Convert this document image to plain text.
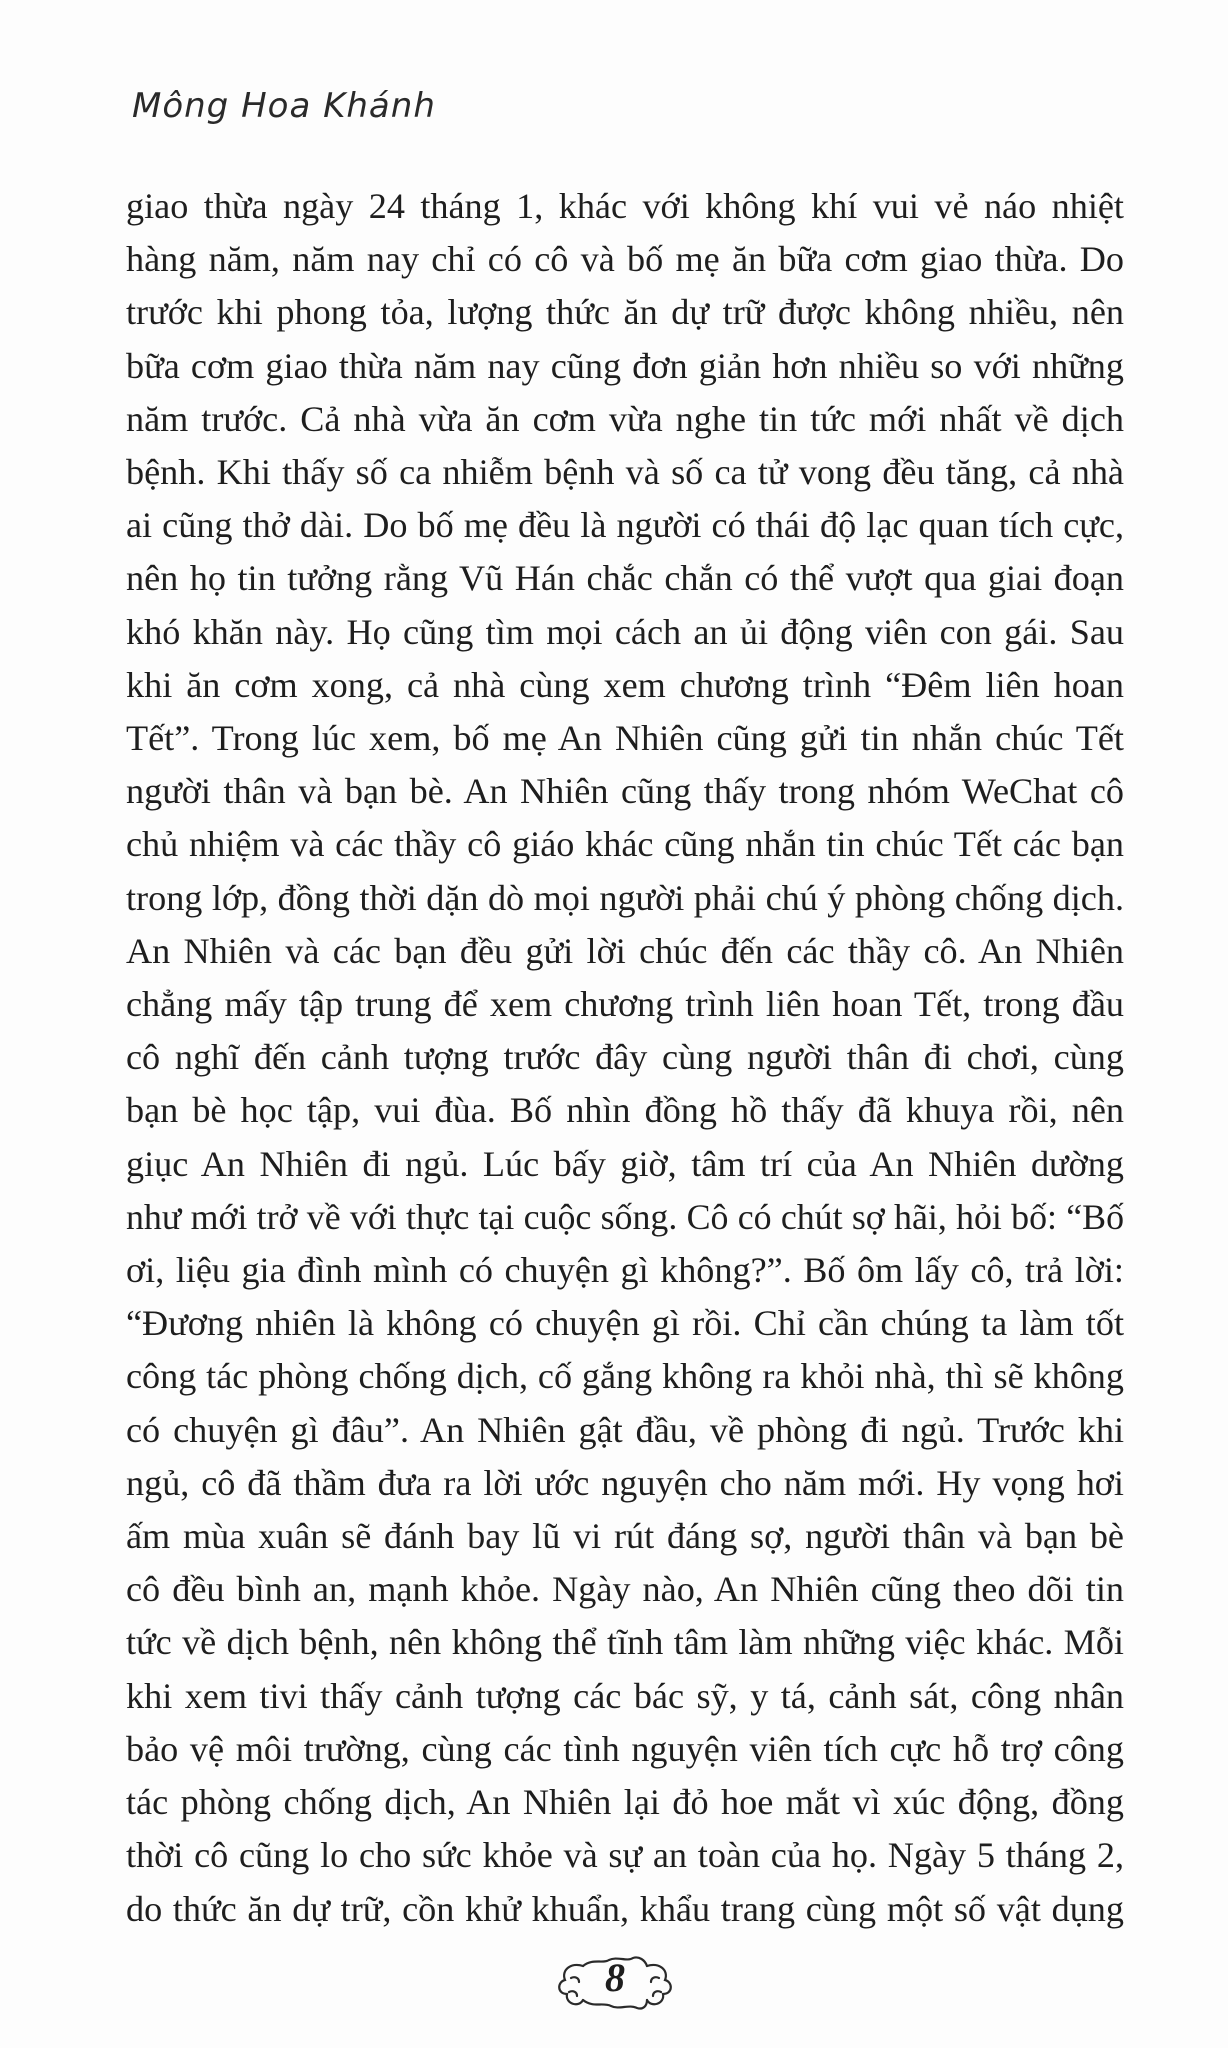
Mông Hoa Khánh
giao thừa ngày 24 tháng 1, khác với không khí vui vẻ náo nhiệt
hàng năm, năm nay chỉ có cô và bố mẹ ăn bữa cơm giao thừa. Do
trước khi phong tỏa, lượng thức ăn dự trữ được không nhiều, nên
bữa cơm giao thừa năm nay cũng đơn giản hơn nhiều so với những
năm trước. Cả nhà vừa ăn cơm vừa nghe tin tức mới nhất về dịch
bệnh. Khi thấy số ca nhiễm bệnh và số ca tử vong đều tăng, cả nhà
ai cũng thở dài. Do bố mẹ đều là người có thái độ lạc quan tích cực,
nên họ tin tưởng rằng Vũ Hán chắc chắn có thể vượt qua giai đoạn
khó khăn này. Họ cũng tìm mọi cách an ủi động viên con gái. Sau
khi ăn cơm xong, cả nhà cùng xem chương trình “Đêm liên hoan
Tết”. Trong lúc xem, bố mẹ An Nhiên cũng gửi tin nhắn chúc Tết
người thân và bạn bè. An Nhiên cũng thấy trong nhóm WeChat cô
chủ nhiệm và các thầy cô giáo khác cũng nhắn tin chúc Tết các bạn
trong lớp, đồng thời dặn dò mọi người phải chú ý phòng chống dịch.
An Nhiên và các bạn đều gửi lời chúc đến các thầy cô. An Nhiên
chẳng mấy tập trung để xem chương trình liên hoan Tết, trong đầu
cô nghĩ đến cảnh tượng trước đây cùng người thân đi chơi, cùng
bạn bè học tập, vui đùa. Bố nhìn đồng hồ thấy đã khuya rồi, nên
giục An Nhiên đi ngủ. Lúc bấy giờ, tâm trí của An Nhiên dường
như mới trở về với thực tại cuộc sống. Cô có chút sợ hãi, hỏi bố: “Bố
ơi, liệu gia đình mình có chuyện gì không?”. Bố ôm lấy cô, trả lời:
“Đương nhiên là không có chuyện gì rồi. Chỉ cần chúng ta làm tốt
công tác phòng chống dịch, cố gắng không ra khỏi nhà, thì sẽ không
có chuyện gì đâu”. An Nhiên gật đầu, về phòng đi ngủ. Trước khi
ngủ, cô đã thầm đưa ra lời ước nguyện cho năm mới. Hy vọng hơi
ấm mùa xuân sẽ đánh bay lũ vi rút đáng sợ, người thân và bạn bè
cô đều bình an, mạnh khỏe. Ngày nào, An Nhiên cũng theo dõi tin
tức về dịch bệnh, nên không thể tĩnh tâm làm những việc khác. Mỗi
khi xem tivi thấy cảnh tượng các bác sỹ, y tá, cảnh sát, công nhân
bảo vệ môi trường, cùng các tình nguyện viên tích cực hỗ trợ công
tác phòng chống dịch, An Nhiên lại đỏ hoe mắt vì xúc động, đồng
thời cô cũng lo cho sức khỏe và sự an toàn của họ. Ngày 5 tháng 2,
do thức ăn dự trữ, cồn khử khuẩn, khẩu trang cùng một số vật dụng
8
